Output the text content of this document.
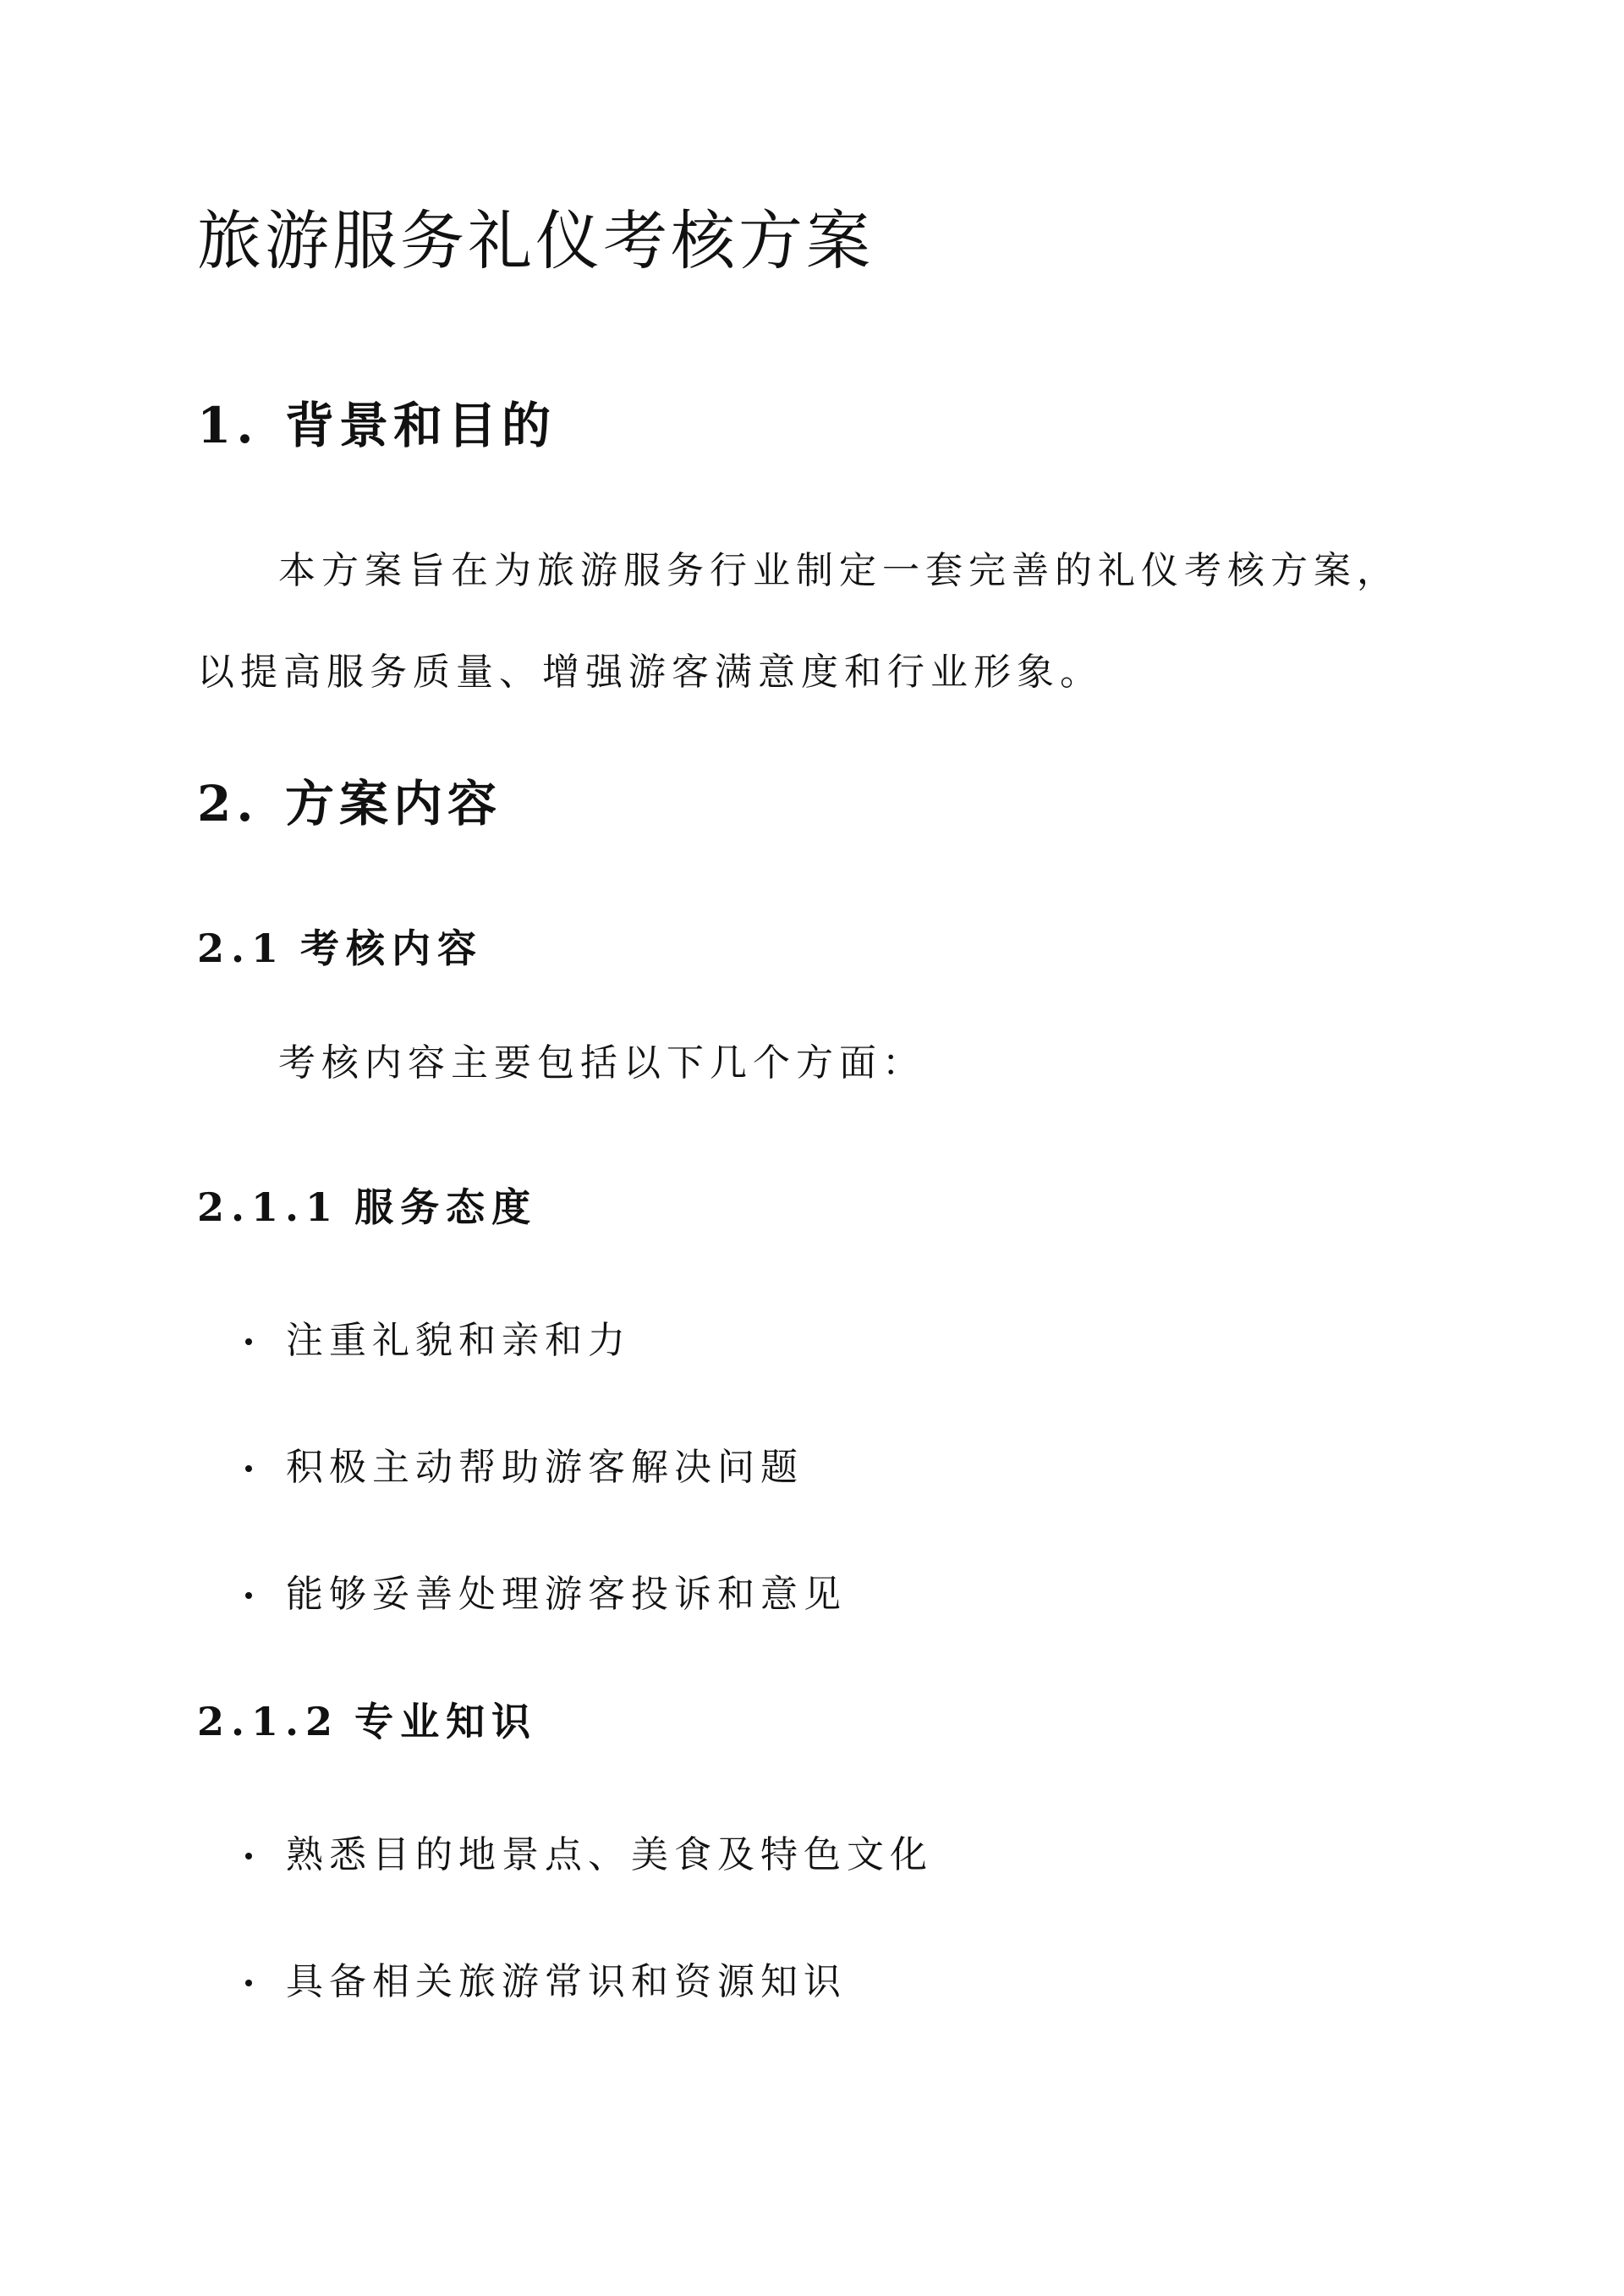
旅游服务礼仪考核方案
1. 背景和目的

本方案旨在为旅游服务行业制定一套完善的礼仪考核方案，以提高服务质量、增强游客满意度和行业形象。

2. 方案内容
2.1 考核内容

考核内容主要包括以下几个方面：

2.1.1 服务态度

注重礼貌和亲和力

积极主动帮助游客解决问题

能够妥善处理游客投诉和意见

2.1.2 专业知识

熟悉目的地景点、美食及特色文化

具备相关旅游常识和资源知识
